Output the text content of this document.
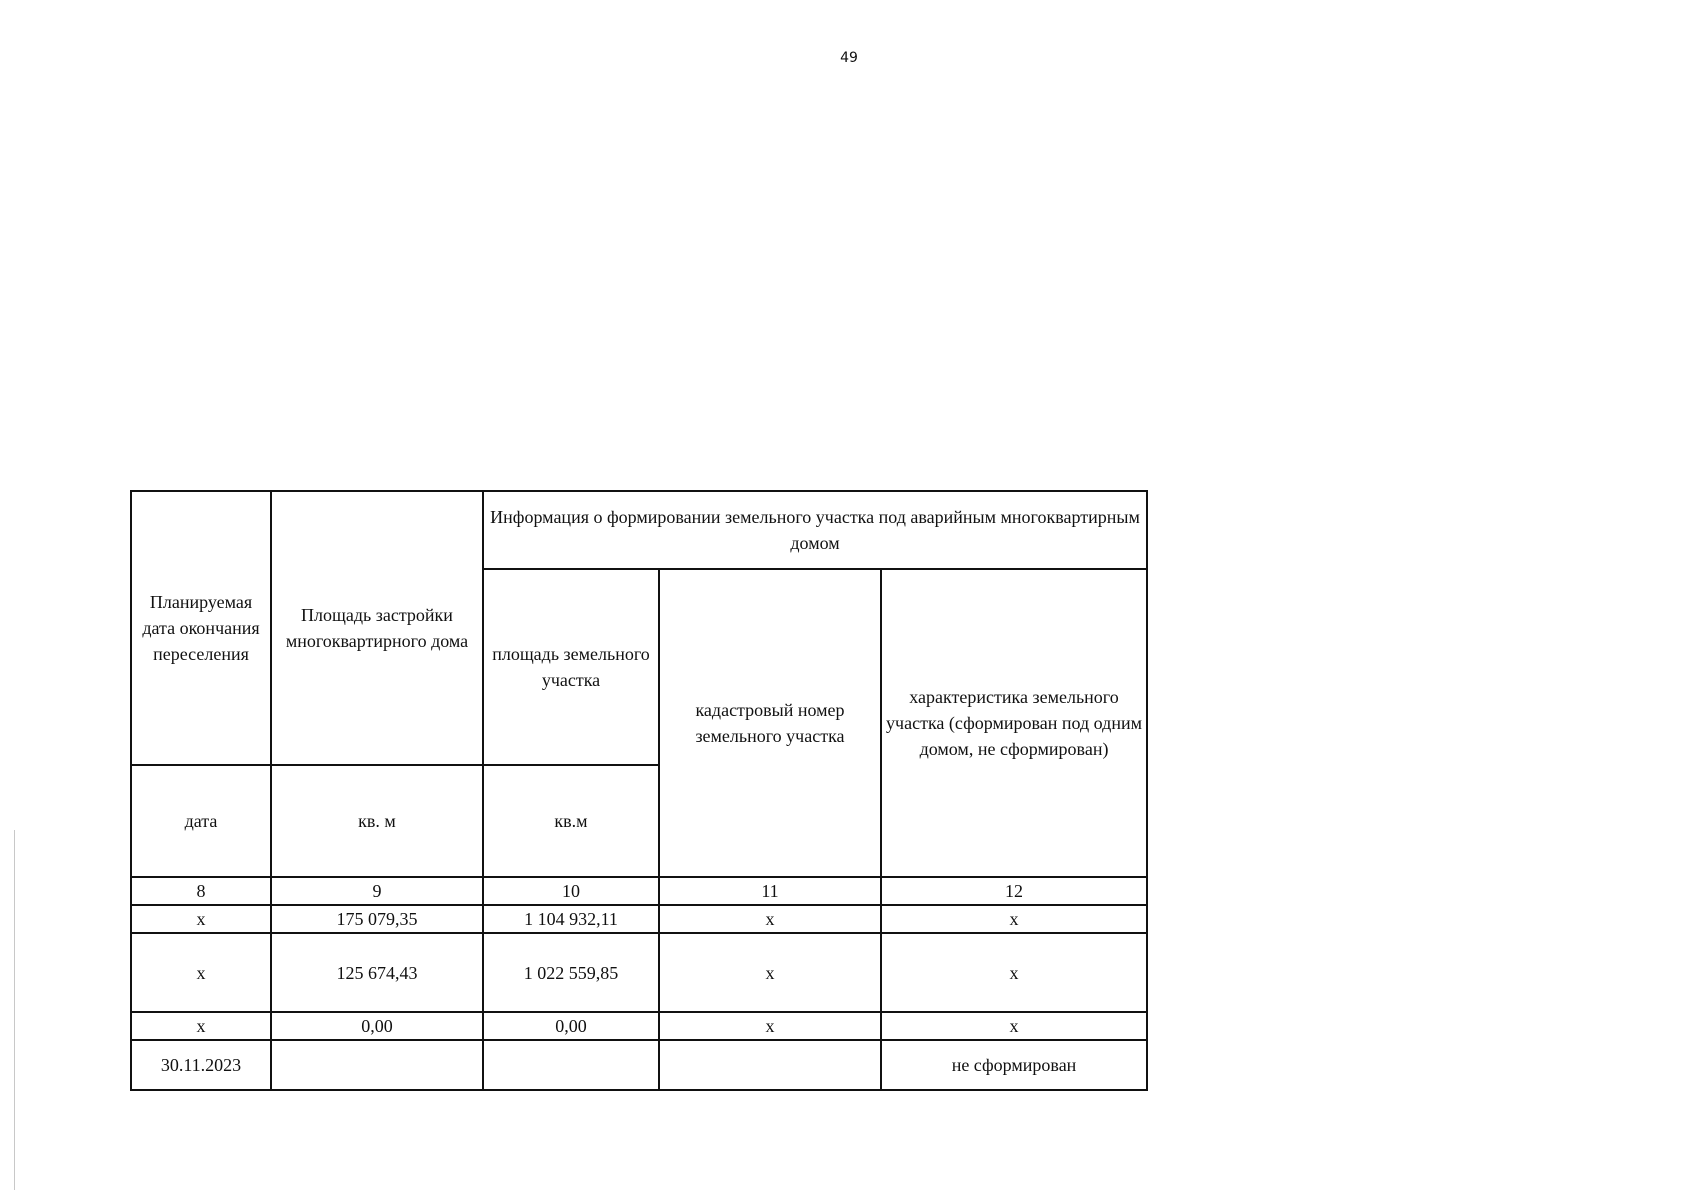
49
Планируемая дата окончания переселения	Площадь застройки многоквартирного дома	Информация о формировании земельного участка под аварийным многоквартирным домом		
		площадь земельного участка	кадастровый номер земельного участка	характеристика земельного участка (сформирован под одним домом, не сформирован)
дата	кв. м	кв.м		
8	9	10	11	12
x	175 079,35	1 104 932,11	x	x
x	125 674,43	1 022 559,85	x	x
x	0,00	0,00	x	x
30.11.2023				не сформирован
